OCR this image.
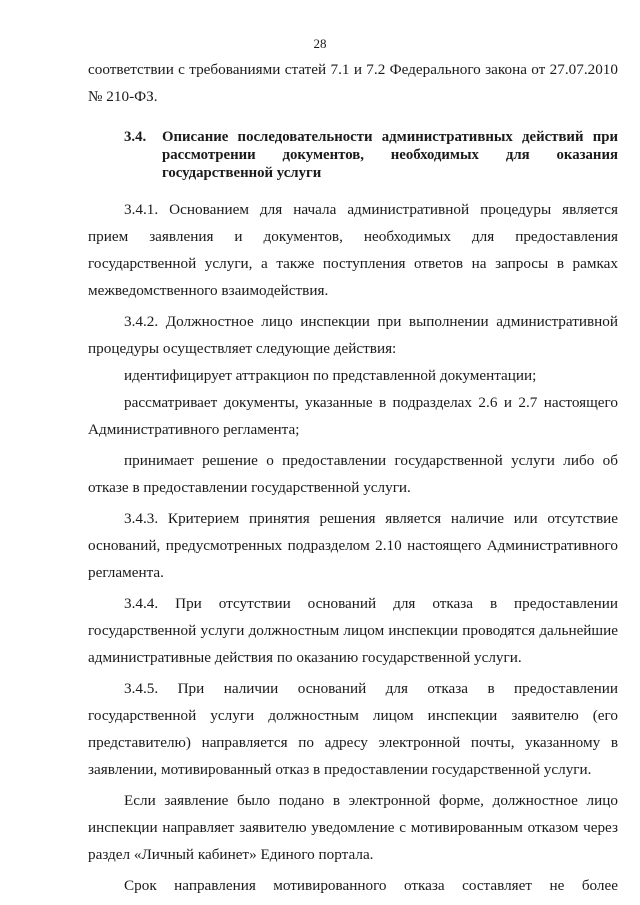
28

соответствии с требованиями статей 7.1 и 7.2 Федерального закона от 27.07.2010 № 210-ФЗ.

3.4.	Описание последовательности административных действий при рассмотрении документов, необходимых для оказания государственной услуги

3.4.1. Основанием для начала административной процедуры является прием заявления и документов, необходимых для предоставления государственной услуги, а также поступления ответов на запросы в рамках межведомственного взаимодействия.

3.4.2. Должностное лицо инспекции при выполнении административной процедуры осуществляет следующие действия:

идентифицирует аттракцион по представленной документации;

рассматривает документы, указанные в подразделах 2.6 и 2.7 настоящего Административного регламента;

принимает решение о предоставлении государственной услуги либо об отказе в предоставлении государственной услуги.

3.4.3. Критерием принятия решения является наличие или отсутствие оснований, предусмотренных подразделом 2.10 настоящего Административного регламента.

3.4.4. При отсутствии оснований для отказа в предоставлении государственной услуги должностным лицом инспекции проводятся дальнейшие административные действия по оказанию государственной услуги.

3.4.5. При наличии оснований для отказа в предоставлении государственной услуги должностным лицом инспекции заявителю (его представителю) направляется по адресу электронной почты, указанному в заявлении, мотивированный отказ в предоставлении государственной услуги.

Если заявление было подано в электронной форме, должностное лицо инспекции направляет заявителю уведомление с мотивированным отказом через раздел «Личный кабинет» Единого портала.

Срок направления мотивированного отказа составляет не более
